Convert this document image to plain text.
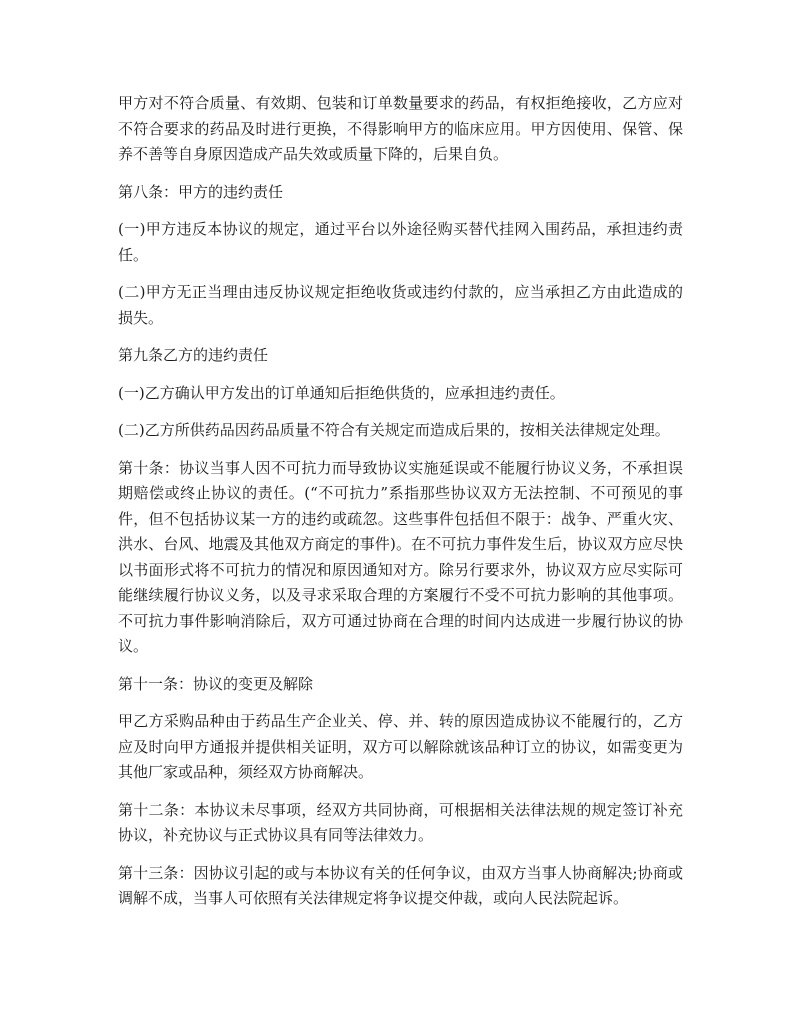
甲方对不符合质量、有效期、包装和订单数量要求的药品，有权拒绝接收，乙方应对不符合要求的药品及时进行更换，不得影响甲方的临床应用。甲方因使用、保管、保养不善等自身原因造成产品失效或质量下降的，后果自负。

第八条：甲方的违约责任

(一)甲方违反本协议的规定，通过平台以外途径购买替代挂网入围药品，承担违约责任。

(二)甲方无正当理由违反协议规定拒绝收货或违约付款的，应当承担乙方由此造成的损失。

第九条乙方的违约责任

(一)乙方确认甲方发出的订单通知后拒绝供货的，应承担违约责任。

(二)乙方所供药品因药品质量不符合有关规定而造成后果的，按相关法律规定处理。

第十条：协议当事人因不可抗力而导致协议实施延误或不能履行协议义务，不承担误期赔偿或终止协议的责任。(“不可抗力”系指那些协议双方无法控制、不可预见的事件，但不包括协议某一方的违约或疏忽。这些事件包括但不限于：战争、严重火灾、洪水、台风、地震及其他双方商定的事件)。在不可抗力事件发生后，协议双方应尽快以书面形式将不可抗力的情况和原因通知对方。除另行要求外，协议双方应尽实际可能继续履行协议义务，以及寻求采取合理的方案履行不受不可抗力影响的其他事项。不可抗力事件影响消除后，双方可通过协商在合理的时间内达成进一步履行协议的协议。

第十一条：协议的变更及解除

甲乙方采购品种由于药品生产企业关、停、并、转的原因造成协议不能履行的，乙方应及时向甲方通报并提供相关证明，双方可以解除就该品种订立的协议，如需变更为其他厂家或品种，须经双方协商解决。

第十二条：本协议未尽事项，经双方共同协商，可根据相关法律法规的规定签订补充协议，补充协议与正式协议具有同等法律效力。

第十三条：因协议引起的或与本协议有关的任何争议，由双方当事人协商解决;协商或调解不成，当事人可依照有关法律规定将争议提交仲裁，或向人民法院起诉。
